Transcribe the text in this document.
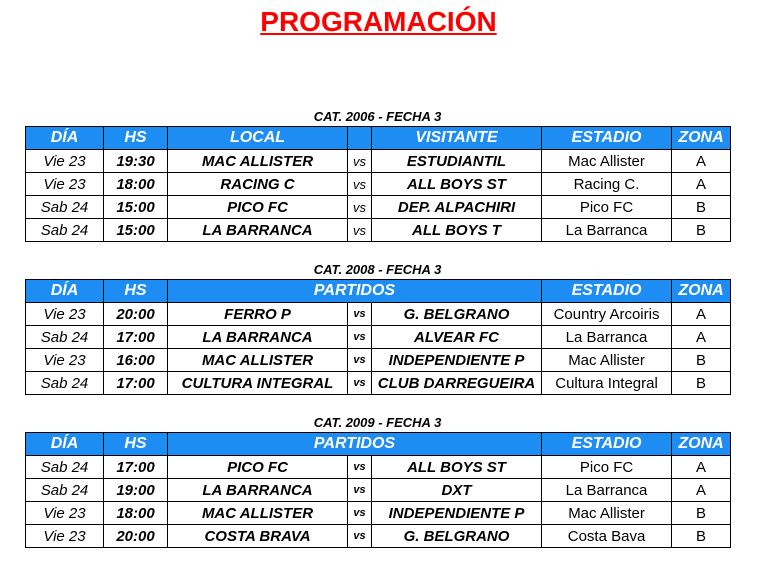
PROGRAMACIÓN
CAT. 2006 - FECHA 3
DÍA	HS	LOCAL		VISITANTE	ESTADIO	ZONA
Vie 23	19:30	MAC ALLISTER	vs	ESTUDIANTIL	Mac Allister	A
Vie 23	18:00	RACING C	vs	ALL BOYS ST	Racing C.	A
Sab 24	15:00	PICO FC	vs	DEP. ALPACHIRI	Pico FC	B
Sab 24	15:00	LA BARRANCA	vs	ALL BOYS T	La Barranca	B
CAT. 2008 - FECHA 3
DÍA	HS	PARTIDOS			ESTADIO	ZONA
Vie 23	20:00	FERRO P	vs	G. BELGRANO	Country Arcoiris	A
Sab 24	17:00	LA BARRANCA	vs	ALVEAR FC	La Barranca	A
Vie 23	16:00	MAC ALLISTER	vs	INDEPENDIENTE P	Mac Allister	B
Sab 24	17:00	CULTURA INTEGRAL	vs	CLUB DARREGUEIRA	Cultura Integral	B
CAT. 2009 - FECHA 3
DÍA	HS	PARTIDOS			ESTADIO	ZONA
Sab 24	17:00	PICO FC	vs	ALL BOYS ST	Pico FC	A
Sab 24	19:00	LA BARRANCA	vs	DXT	La Barranca	A
Vie 23	18:00	MAC ALLISTER	vs	INDEPENDIENTE P	Mac Allister	B
Vie 23	20:00	COSTA BRAVA	vs	G. BELGRANO	Costa Bava	B
